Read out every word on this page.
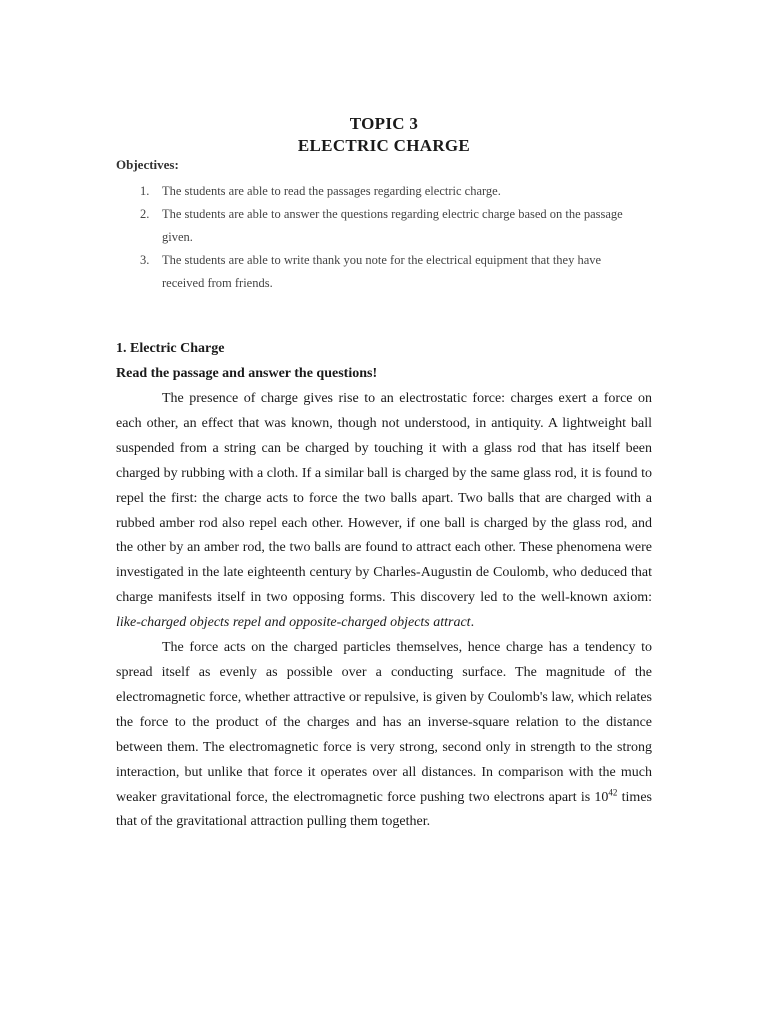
TOPIC 3
ELECTRIC CHARGE
Objectives:
1. The students are able to read the passages regarding electric charge.
2. The students are able to answer the questions regarding electric charge based on the passage given.
3. The students are able to write thank you note for the electrical equipment that they have received from friends.
1. Electric Charge
Read the passage and answer the questions!

The presence of charge gives rise to an electrostatic force: charges exert a force on each other, an effect that was known, though not understood, in antiquity. A lightweight ball suspended from a string can be charged by touching it with a glass rod that has itself been charged by rubbing with a cloth. If a similar ball is charged by the same glass rod, it is found to repel the first: the charge acts to force the two balls apart. Two balls that are charged with a rubbed amber rod also repel each other. However, if one ball is charged by the glass rod, and the other by an amber rod, the two balls are found to attract each other. These phenomena were investigated in the late eighteenth century by Charles-Augustin de Coulomb, who deduced that charge manifests itself in two opposing forms. This discovery led to the well-known axiom: like-charged objects repel and opposite-charged objects attract.

The force acts on the charged particles themselves, hence charge has a tendency to spread itself as evenly as possible over a conducting surface. The magnitude of the electromagnetic force, whether attractive or repulsive, is given by Coulomb's law, which relates the force to the product of the charges and has an inverse-square relation to the distance between them. The electromagnetic force is very strong, second only in strength to the strong interaction, but unlike that force it operates over all distances. In comparison with the much weaker gravitational force, the electromagnetic force pushing two electrons apart is $10^{42}$ times that of the gravitational attraction pulling them together.
